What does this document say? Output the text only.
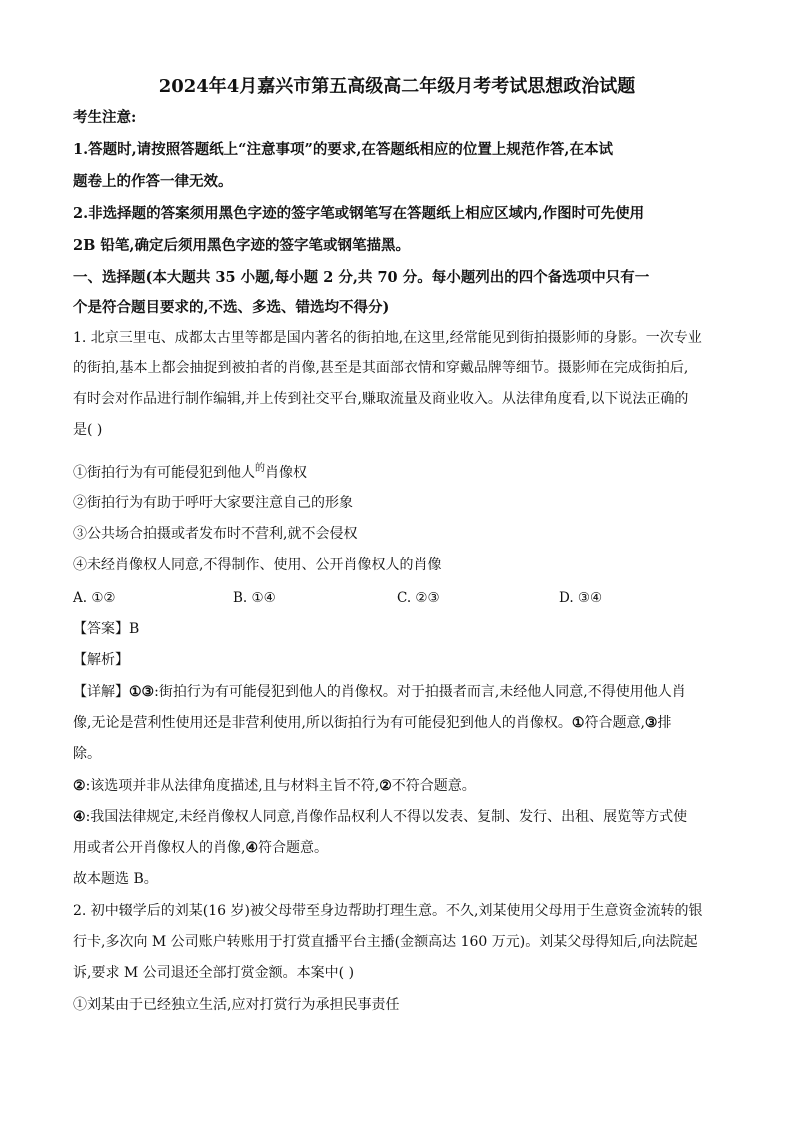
2024年4月嘉兴市第五高级高二年级月考考试思想政治试题
考生注意:
1.答题时,请按照答题纸上“注意事项”的要求,在答题纸相应的位置上规范作答,在本试
题卷上的作答一律无效。
2.非选择题的答案须用黑色字迹的签字笔或钢笔写在答题纸上相应区域内,作图时可先使用
2B 铅笔,确定后须用黑色字迹的签字笔或钢笔描黑。
一、选择题(本大题共 35 小题,每小题 2 分,共 70 分。每小题列出的四个备选项中只有一
个是符合题目要求的,不选、多选、错选均不得分)
1. 北京三里屯、成都太古里等都是国内著名的街拍地,在这里,经常能见到街拍摄影师的身影。一次专业
的街拍,基本上都会抽捉到被拍者的肖像,甚至是其面部衣情和穿戴品牌等细节。摄影师在完成街拍后,
有时会对作品进行制作编辑,并上传到社交平台,赚取流量及商业收入。从法律角度看,以下说法正确的
是( )
①街拍行为有可能侵犯到他人$^的$肖像权
②街拍行为有助于呼吁大家要注意自己的形象
③公共场合拍摄或者发布时不营利,就不会侵权
④未经肖像权人同意,不得制作、使用、公开肖像权人的肖像
A. ①②	B. ①④	C. ②③	D. ③④
【答案】B
【解析】
【详解】①③:街拍行为有可能侵犯到他人的肖像权。对于拍摄者而言,未经他人同意,不得使用他人肖
像,无论是营利性使用还是非营利使用,所以街拍行为有可能侵犯到他人的肖像权。①符合题意,③排
除。
②:该选项并非从法律角度描述,且与材料主旨不符,②不符合题意。
④:我国法律规定,未经肖像权人同意,肖像作品权利人不得以发表、复制、发行、出租、展览等方式使
用或者公开肖像权人的肖像,④符合题意。
故本题选 B。
2. 初中辍学后的刘某(16 岁)被父母带至身边帮助打理生意。不久,刘某使用父母用于生意资金流转的银
行卡,多次向 M 公司账户转账用于打赏直播平台主播(金额高达 160 万元)。刘某父母得知后,向法院起
诉,要求 M 公司退还全部打赏金额。本案中( )
①刘某由于已经独立生活,应对打赏行为承担民事责任
